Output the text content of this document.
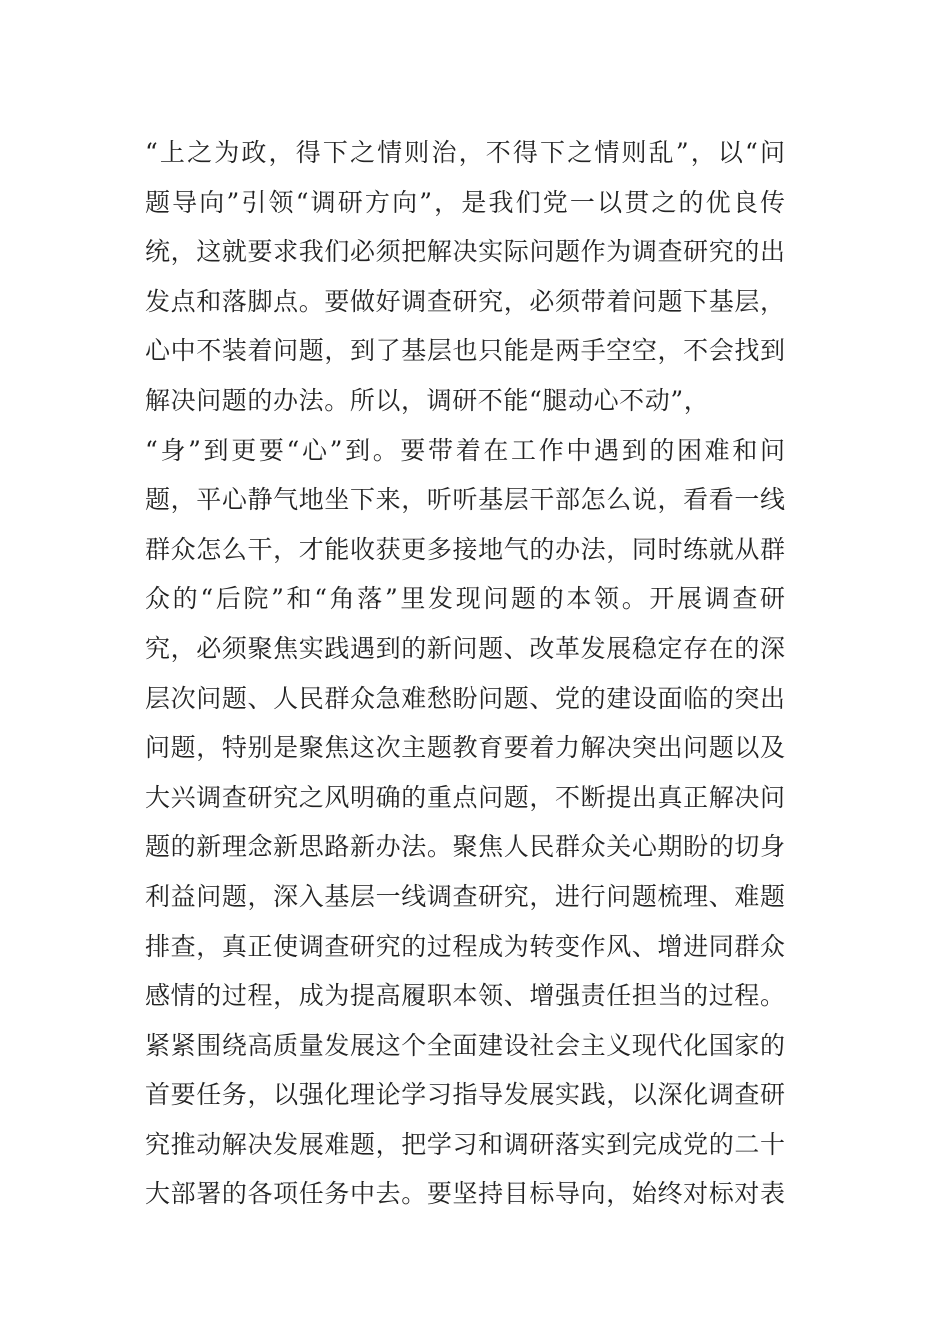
“上之为政，得下之情则治，不得下之情则乱”，以“问
题导向”引领“调研方向”，是我们党一以贯之的优良传
统，这就要求我们必须把解决实际问题作为调查研究的出
发点和落脚点。要做好调查研究，必须带着问题下基层，
心中不装着问题，到了基层也只能是两手空空，不会找到
解决问题的办法。所以，调研不能“腿动心不动”，
“身”到更要“心”到。要带着在工作中遇到的困难和问
题，平心静气地坐下来，听听基层干部怎么说，看看一线
群众怎么干，才能收获更多接地气的办法，同时练就从群
众的“后院”和“角落”里发现问题的本领。开展调查研
究，必须聚焦实践遇到的新问题、改革发展稳定存在的深
层次问题、人民群众急难愁盼问题、党的建设面临的突出
问题，特别是聚焦这次主题教育要着力解决突出问题以及
大兴调查研究之风明确的重点问题，不断提出真正解决问
题的新理念新思路新办法。聚焦人民群众关心期盼的切身
利益问题，深入基层一线调查研究，进行问题梳理、难题
排查，真正使调查研究的过程成为转变作风、增进同群众
感情的过程，成为提高履职本领、增强责任担当的过程。
紧紧围绕高质量发展这个全面建设社会主义现代化国家的
首要任务，以强化理论学习指导发展实践，以深化调查研
究推动解决发展难题，把学习和调研落实到完成党的二十
大部署的各项任务中去。要坚持目标导向，始终对标对表
